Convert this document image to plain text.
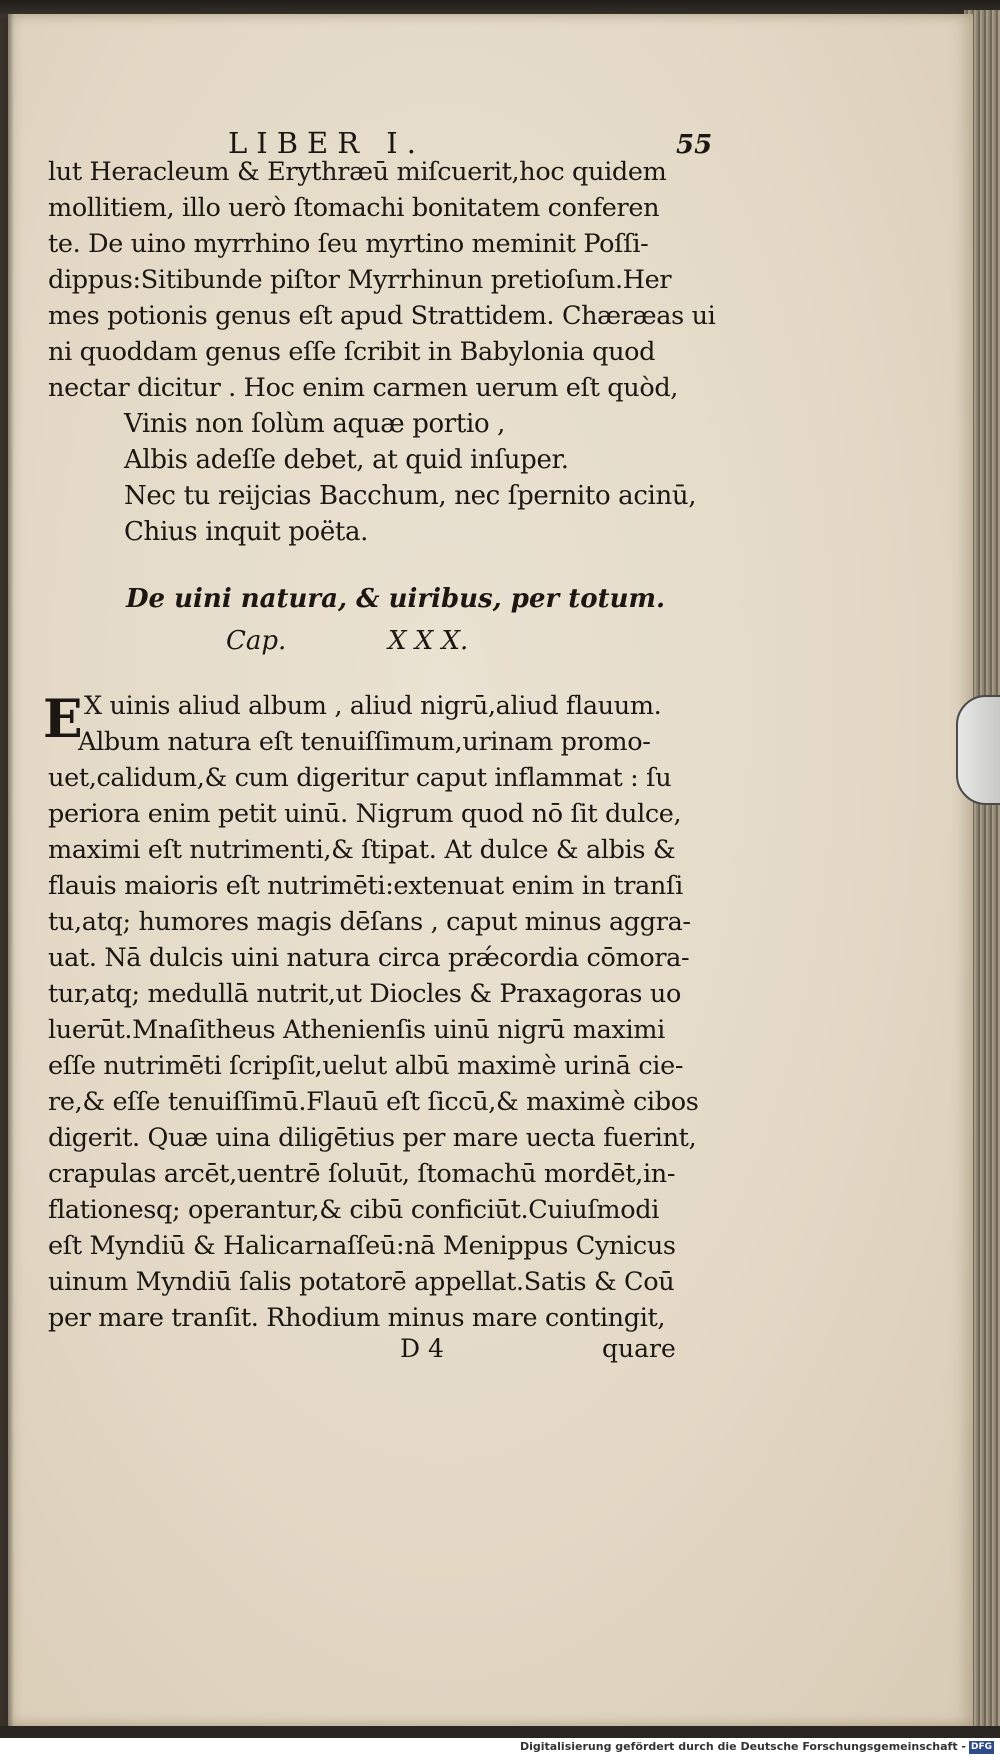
LIBER I.	55
lut Heracleum & Erythræū miſcuerit,hoc quidem
mollitiem, illo uerò ſtomachi bonitatem conferen
te. De uino myrrhino ſeu myrtino meminit Poſſi-
dippus:Sitibunde piſtor Myrrhinun pretioſum.Her
mes potionis genus eſt apud Strattidem. Chæræas ui
ni quoddam genus eſſe ſcribit in Babylonia quod
nectar dicitur . Hoc enim carmen uerum eſt quòd,
Vinis non ſolùm aquæ portio ,
Albis adeſſe debet, at quid inſuper.
Nec tu reijcias Bacchum, nec ſpernito acinū,
Chius inquit poëta.
De uini natura, & uiribus, per totum.
Cap.	X X X.
E X uinis aliud album , aliud nigrū,aliud flauum.
Album natura eſt tenuiſſimum,urinam promo-
uet,calidum,& cum digeritur caput inflammat : ſu
periora enim petit uinū. Nigrum quod nō ſit dulce,
maximi eſt nutrimenti,& ſtipat. At dulce & albis &
flauis maioris eſt nutrimēti:extenuat enim in tranſi
tu,atq; humores magis dēſans , caput minus aggra-
uat. Nā dulcis uini natura circa prǽcordia cōmora-
tur,atq; medullā nutrit,ut Diocles & Praxagoras uo
luerūt.Mnaſitheus Athenienſis uinū nigrū maximi
eſſe nutrimēti ſcripſit,uelut albū maximè urinā cie-
re,& eſſe tenuiſſimū.Flauū eſt ſiccū,& maximè cibos
digerit. Quæ uina diligētius per mare uecta fuerint,
crapulas arcēt,uentrē ſoluūt, ſtomachū mordēt,in-
flationesq; operantur,& cibū conficiūt.Cuiuſmodi
eſt Myndiū & Halicarnaſſeū:nā Menippus Cynicus
uinum Myndiū ſalis potatorē appellat.Satis & Coū
per mare tranſit. Rhodium minus mare contingit,
D 4	quare
Digitalisierung gefördert durch die Deutsche Forschungsgemeinschaft - DFG
